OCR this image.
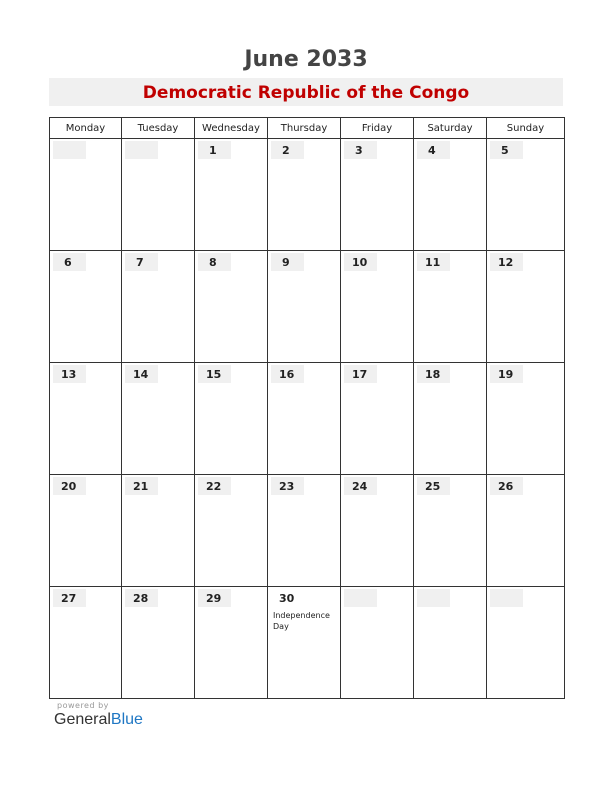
June 2033
Democratic Republic of the Congo
Monday	Tuesday	Wednesday	Thursday	Friday	Saturday	Sunday

		1	2	3	4	5

6	7	8	9	10	11	12

13	14	15	16	17	18	19

20	21	22	23	24	25	26

27	28	29	30
Independence Day			

powered by
GeneralBlue
